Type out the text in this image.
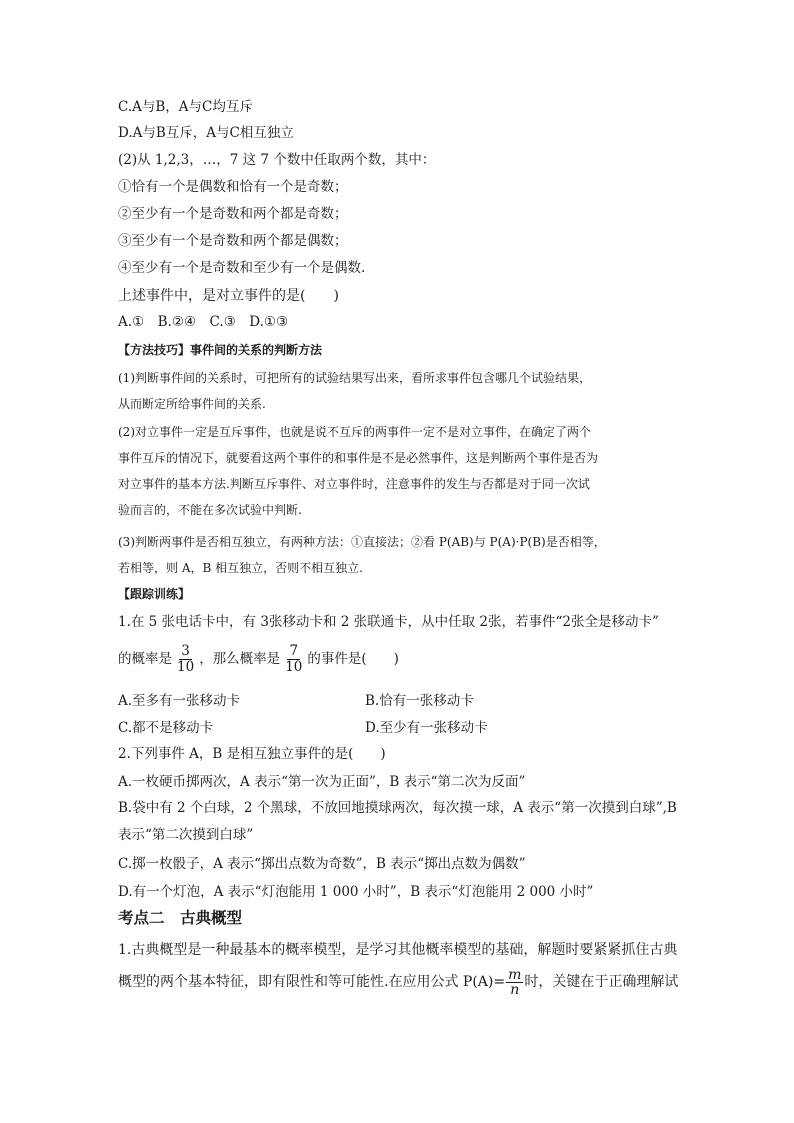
C.A与B，A与C均互斥
D.A与B互斥，A与C相互独立
(2)从 1,2,3，…，7 这 7 个数中任取两个数，其中：
①恰有一个是偶数和恰有一个是奇数；
②至少有一个是奇数和两个都是奇数；
③至少有一个是奇数和两个都是偶数；
④至少有一个是奇数和至少有一个是偶数.
上述事件中，是对立事件的是(　　)
A.①　B.②④　C.③　D.①③
【方法技巧】事件间的关系的判断方法
(1)判断事件间的关系时，可把所有的试验结果写出来，看所求事件包含哪几个试验结果，
从而断定所给事件间的关系.
(2)对立事件一定是互斥事件，也就是说不互斥的两事件一定不是对立事件，在确定了两个
事件互斥的情况下，就要看这两个事件的和事件是不是必然事件，这是判断两个事件是否为
对立事件的基本方法.判断互斥事件、对立事件时，注意事件的发生与否都是对于同一次试
验而言的，不能在多次试验中判断.
(3)判断两事件是否相互独立，有两种方法：①直接法；②看 P(AB)与 P(A)·P(B)是否相等，
若相等，则 A，B 相互独立，否则不相互独立.
【跟踪训练】
1.在 5 张电话卡中，有 3张移动卡和 2 张联通卡，从中任取 2张，若事件“2张全是移动卡”
的概率是 $\frac{3}{10}$ ，那么概率是 $\frac{7}{10}$ 的事件是(　　)
A.至多有一张移动卡	B.恰有一张移动卡
C.都不是移动卡	D.至少有一张移动卡
2.下列事件 A，B 是相互独立事件的是(　　)
A.一枚硬币掷两次，A 表示“第一次为正面”，B 表示“第二次为反面”
B.袋中有 2 个白球，2 个黑球，不放回地摸球两次，每次摸一球，A 表示“第一次摸到白球”,B
表示“第二次摸到白球”
C.掷一枚骰子，A 表示“掷出点数为奇数”，B 表示“掷出点数为偶数”
D.有一个灯泡，A 表示“灯泡能用 1 000 小时”，B 表示“灯泡能用 2 000 小时”
考点二　古典概型
1.古典概型是一种最基本的概率模型，是学习其他概率模型的基础，解题时要紧紧抓住古典
概型的两个基本特征，即有限性和等可能性.在应用公式 $P(A)= \frac{m}{n}$ 时，关键在于正确理解试
